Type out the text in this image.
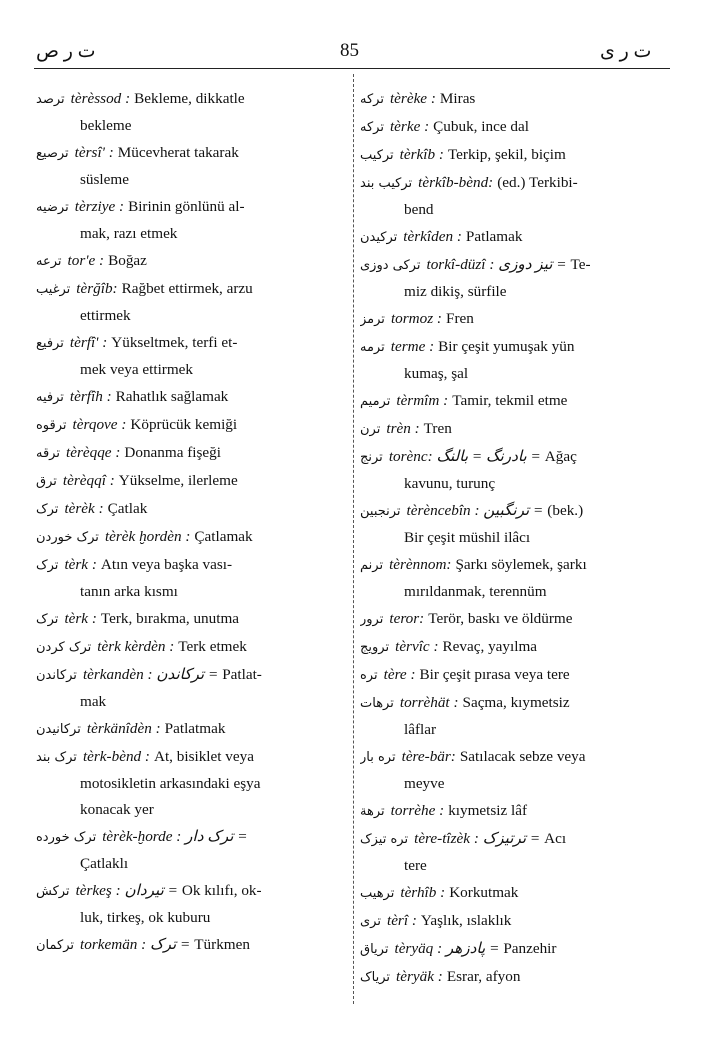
ت ر ص	85	ت ر ی
ترصد tèrèssod : Bekleme, dikkatle
bekleme
ترصیع tèrsî' : Mücevherat takarak
süsleme
ترضیه tèrziye : Birinin gönlünü al-
mak, razı etmek
ترعه tor'e : Boğaz
ترغیب tèrğîb: Rağbet ettirmek, arzu
ettirmek
ترفیع tèrfî' : Yükseltmek, terfi et-
mek veya ettirmek
ترفیه tèrfîh : Rahatlık sağlamak
ترقوه tèrqove : Köprücük kemiği
ترقه tèrèqqe : Donanma fişeği
ترق tèrèqqî : Yükselme, ilerleme
ترک tèrèk : Çatlak
ترک خوردن tèrèk ḫordèn : Çatlamak
ترک tèrk : Atın veya başka vası-
tanın arka kısmı
ترک tèrk : Terk, bırakma, unutma
ترک کردن tèrk kèrdèn : Terk etmek
ترکاندن tèrkandèn : ترکاندن = Patlat-
mak
ترکانیدن tèrkänîdèn : Patlatmak
ترک بند tèrk-bènd : At, bisiklet veya
motosikletin arkasındaki eşya
konacak yer
ترک خورده tèrèk-ḫorde : ترک دار =
Çatlaklı
ترکش tèrkeş : تیردان = Ok kılıfı, ok-
luk, tirkeş, ok kuburu
ترکمان torkemän : ترک = Türkmen
ترکه tèrèke : Miras
ترکه tèrke : Çubuk, ince dal
ترکیب tèrkîb : Terkip, şekil, biçim
ترکیب بند tèrkîb-bènd: (ed.) Terkibi-
bend
ترکیدن tèrkîden : Patlamak
ترکی دوزی torkî-düzî : تیز دوزی = Te-
miz dikiş, sürfile
ترمز tormoz : Fren
ترمه terme : Bir çeşit yumuşak yün
kumaş, şal
ترمیم tèrmîm : Tamir, tekmil etme
ترن trèn : Tren
ترنج torènc: بادرنگ = بالنگ = Ağaç
kavunu, turunç
ترنجبین tèrèncebîn : ترنگبین = (bek.)
Bir çeşit müshil ilâcı
ترنم tèrènnom: Şarkı söylemek, şarkı
mırıldanmak, terennüm
ترور teror: Terör, baskı ve öldürme
ترویج tèrvîc : Revaç, yayılma
تره tère : Bir çeşit pırasa veya tere
ترهات torrèhät : Saçma, kıymetsiz
lâflar
تره بار tère-bär: Satılacak sebze veya
meyve
ترهة torrèhe : kıymetsiz lâf
تره تیزک tère-tîzèk : ترتیزک = Acı
tere
ترهیب tèrhîb : Korkutmak
تری tèrî : Yaşlık, ıslaklık
تریاق tèryäq : پادزهر = Panzehir
تریاک tèryäk : Esrar, afyon
